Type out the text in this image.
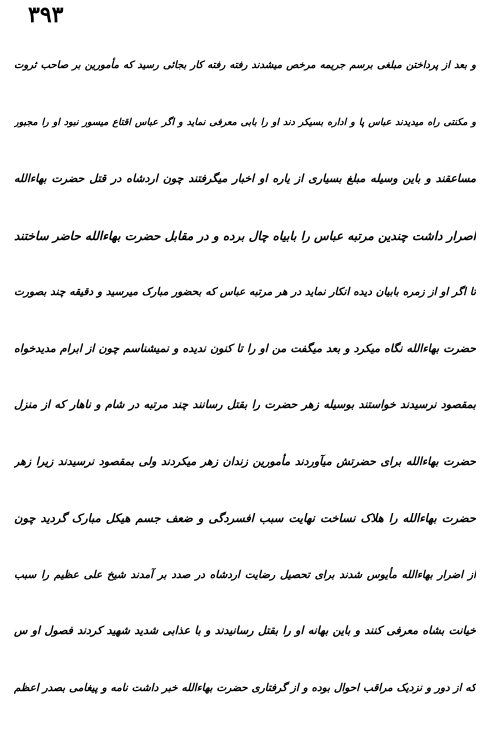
۳۹۳
و بعد از پرداختن مبلغی برسم جریمه مرخص میشدند رفته رفته کار بجائی رسید که مأمورین بر صاحب ثروت
و مکنتی راه میدیدند عباس پا و اداره بسیکر دند او را بابی معرفی نماید و اگر عباس اقتاع میسور نبود او را مجبور
مساعقند و باین وسیله مبلغ بسیاری از یاره او اخبار میگرفتند چون اردشاه در قتل حضرت بهاءالله
اصرار داشت چندین مرتبه عباس را بابیاه چال برده و در مقابل حضرت بهاءالله حاضر ساختند
تا اگر او از زمره بابیان دیده انکار نماید در هر مرتبه عباس که بحضور مبارک میرسید و دقیقه چند بصورت
حضرت بهاءالله نگاه میکرد و بعد میگفت من او را تا کنون ندیده و نمیشناسم چون از ابرام مدیدخواه
بمقصود نرسیدند خواستند بوسیله زهر حضرت را بقتل رسانند چند مرتبه در شام و ناهار که از منزل
حضرت بهاءالله برای حضرتش میآوردند مأمورین زندان زهر میکردند ولی بمقصود نرسیدند زیرا زهر
حضرت بهاءالله را هلاک نساخت نهایت سبب افسردگی و ضعف جسم هیکل مبارک گردید چون
از اضرار بهاءالله مأیوس شدند برای تحصیل رضایت اردشاه در صدد بر آمدند شیخ علی عظیم را سبب
خیانت بشاه معرفی کنند و باین بهانه او را بقتل رسانیدند و با عذابی شدید شهید کردند فصول او س
که از دور و نزدیک مراقب احوال بوده و از گرفتاری حضرت بهاءالله خبر داشت نامه و پیغامی بصدر اعظم
